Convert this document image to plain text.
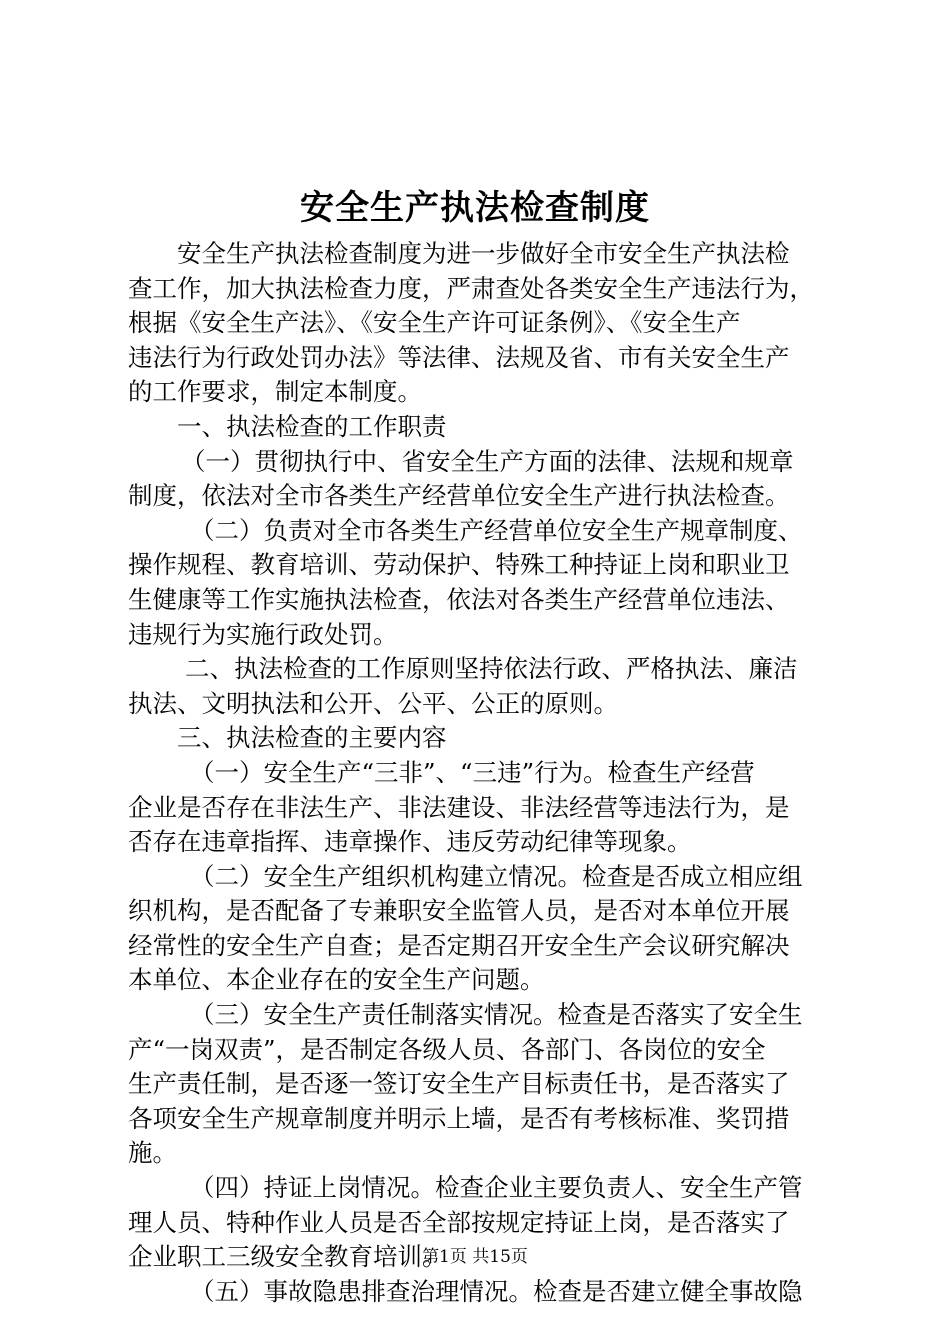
安全生产执法检查制度

安全生产执法检查制度为进一步做好全市安全生产执法检

查工作，加大执法检查力度，严肃查处各类安全生产违法行为，

根据《安全生产法》、《安全生产许可证条例》、《安全生产

违法行为行政处罚办法》等法律、法规及省、市有关安全生产

的工作要求，制定本制度。

一、执法检查的工作职责

（一）贯彻执行中、省安全生产方面的法律、法规和规章

制度，依法对全市各类生产经营单位安全生产进行执法检查。

（二）负责对全市各类生产经营单位安全生产规章制度、

操作规程、教育培训、劳动保护、特殊工种持证上岗和职业卫

生健康等工作实施执法检查，依法对各类生产经营单位违法、

违规行为实施行政处罚。

二、执法检查的工作原则坚持依法行政、严格执法、廉洁

执法、文明执法和公开、公平、公正的原则。

三、执法检查的主要内容

（一）安全生产“三非”、“三违”行为。检查生产经营

企业是否存在非法生产、非法建设、非法经营等违法行为，是

否存在违章指挥、违章操作、违反劳动纪律等现象。

（二）安全生产组织机构建立情况。检查是否成立相应组

织机构，是否配备了专兼职安全监管人员，是否对本单位开展

经常性的安全生产自查；是否定期召开安全生产会议研究解决

本单位、本企业存在的安全生产问题。

（三）安全生产责任制落实情况。检查是否落实了安全生

产“一岗双责”，是否制定各级人员、各部门、各岗位的安全

生产责任制，是否逐一签订安全生产目标责任书，是否落实了

各项安全生产规章制度并明示上墙，是否有考核标准、奖罚措

施。

（四）持证上岗情况。检查企业主要负责人、安全生产管

理人员、特种作业人员是否全部按规定持证上岗，是否落实了

企业职工三级安全教育培训。

（五）事故隐患排查治理情况。检查是否建立健全事故隐

第1页 共15页
